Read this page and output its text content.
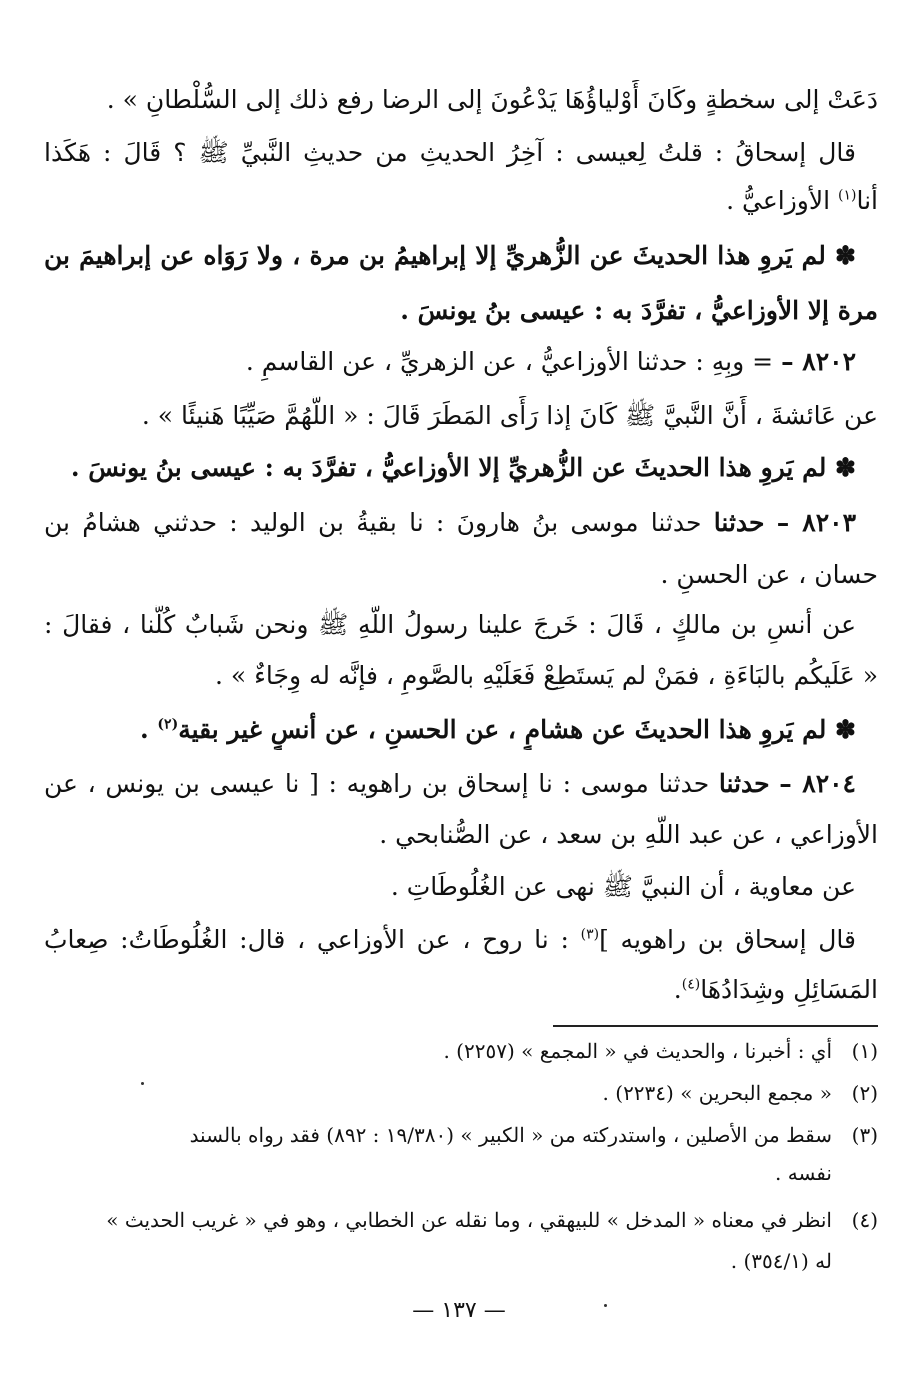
دَعَتْ إلى سخطةٍ وكَانَ أَوْلياؤُهَا يَدْعُونَ إلى الرضا رفع ذلك إلى السُّلْطانِ » .
قال إسحاقُ : قلتُ لِعيسى : آخِرُ الحديثِ من حديثِ النَّبيِّ ﷺ ؟ قَالَ : هَكَذا
أنا$^{(١)}$ الأوزاعيُّ .
✽ لم يَروِ هذا الحديثَ عن الزُّهريِّ إلا إبراهيمُ بن مرة ، ولا رَوَاه عن إبراهيمَ بن
مرة إلا الأوزاعيُّ ، تفرَّدَ به : عيسى بنُ يونسَ .
٨٢٠٢ – = وبِهِ : حدثنا الأوزاعيُّ ، عن الزهريِّ ، عن القاسمِ .
عن عَائشةَ ، أَنَّ النَّبيَّ ﷺ كَانَ إذا رَأَى المَطَرَ قَالَ : « اللَّهُمَّ صَيِّبًا هَنيئًا » .
✽ لم يَروِ هذا الحديثَ عن الزُّهريِّ إلا الأوزاعيُّ ، تفرَّدَ به : عيسى بنُ يونسَ .
٨٢٠٣ – حدثنا حدثنا موسى بنُ هارونَ : نا بقيةُ بن الوليد : حدثني هشامُ بن
حسان ، عن الحسنِ .
عن أنسِ بن مالكٍ ، قَالَ : خَرجَ علينا رسولُ اللَّهِ ﷺ ونحن شَبابٌ كُلُّنا ، فقالَ :
« عَلَيكُم بالبَاءَةِ ، فمَنْ لم يَستَطِعْ فَعَلَيْهِ بالصَّومِ ، فإنَّه له وِجَاءٌ » .
✽ لم يَروِ هذا الحديثَ عن هشامٍ ، عن الحسنِ ، عن أنسٍ غير بقية$^{(٢)}$ .
٨٢٠٤ – حدثنا حدثنا موسى : نا إسحاق بن راهويه : [ نا عيسى بن يونس ، عن
الأوزاعي ، عن عبد اللَّهِ بن سعد ، عن الصُّنابحي .
عن معاوية ، أن النبيَّ ﷺ نهى عن الغُلُوطَاتِ .
قال إسحاق بن راهويه ]$^{(٣)}$ : نا روح ، عن الأوزاعي ، قال: الغُلُوطَاتُ: صِعابُ
المَسَائِلِ وشِدَادُهَا$^{(٤)}$.
(١)أي : أخبرنا ، والحديث في « المجمع » (٢٢٥٧) .
(٢)« مجمع البحرين » (٢٢٣٤) .
(٣)سقط من الأصلين ، واستدركته من « الكبير » (١٩/٣٨٠ : ٨٩٢) فقد رواه بالسند
نفسه .
(٤)انظر في معناه « المدخل » للبيهقي ، وما نقله عن الخطابي ، وهو في « غريب الحديث »
له (٣٥٤/١) .
— ١٣٧ —
